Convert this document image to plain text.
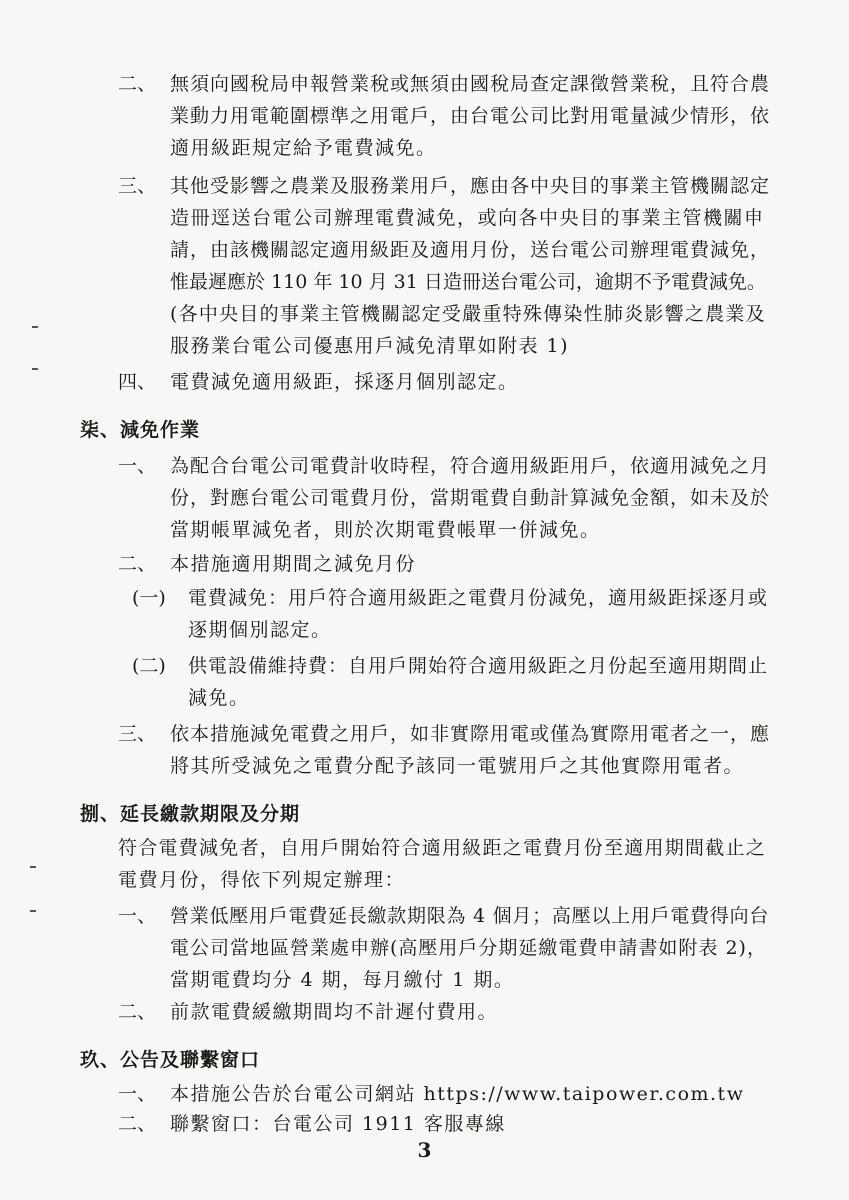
二、 無須向國稅局申報營業稅或無須由國稅局查定課徵營業稅，且符合農
業動力用電範圍標準之用電戶，由台電公司比對用電量減少情形，依
適用級距規定給予電費減免。
三、 其他受影響之農業及服務業用戶，應由各中央目的事業主管機關認定
造冊逕送台電公司辦理電費減免，或向各中央目的事業主管機關申
請，由該機關認定適用級距及適用月份，送台電公司辦理電費減免，
惟最遲應於 110 年 10 月 31 日造冊送台電公司，逾期不予電費減免。
(各中央目的事業主管機關認定受嚴重特殊傳染性肺炎影響之農業及
服務業台電公司優惠用戶減免清單如附表 1)
四、 電費減免適用級距，採逐月個別認定。
柒、減免作業
一、 為配合台電公司電費計收時程，符合適用級距用戶，依適用減免之月
份，對應台電公司電費月份，當期電費自動計算減免金額，如未及於
當期帳單減免者，則於次期電費帳單一併減免。
二、 本措施適用期間之減免月份
(一) 電費減免：用戶符合適用級距之電費月份減免，適用級距採逐月或
逐期個別認定。
(二) 供電設備維持費：自用戶開始符合適用級距之月份起至適用期間止
減免。
三、 依本措施減免電費之用戶，如非實際用電或僅為實際用電者之一，應
將其所受減免之電費分配予該同一電號用戶之其他實際用電者。
捌、延長繳款期限及分期
符合電費減免者，自用戶開始符合適用級距之電費月份至適用期間截止之
電費月份，得依下列規定辦理：
一、 營業低壓用戶電費延長繳款期限為 4 個月；高壓以上用戶電費得向台
電公司當地區營業處申辦(高壓用戶分期延繳電費申請書如附表 2)，
當期電費均分 4 期，每月繳付 1 期。
二、 前款電費緩繳期間均不計遲付費用。
玖、公告及聯繫窗口
一、 本措施公告於台電公司網站 https://www.taipower.com.tw
二、 聯繫窗口：台電公司 1911 客服專線
3
